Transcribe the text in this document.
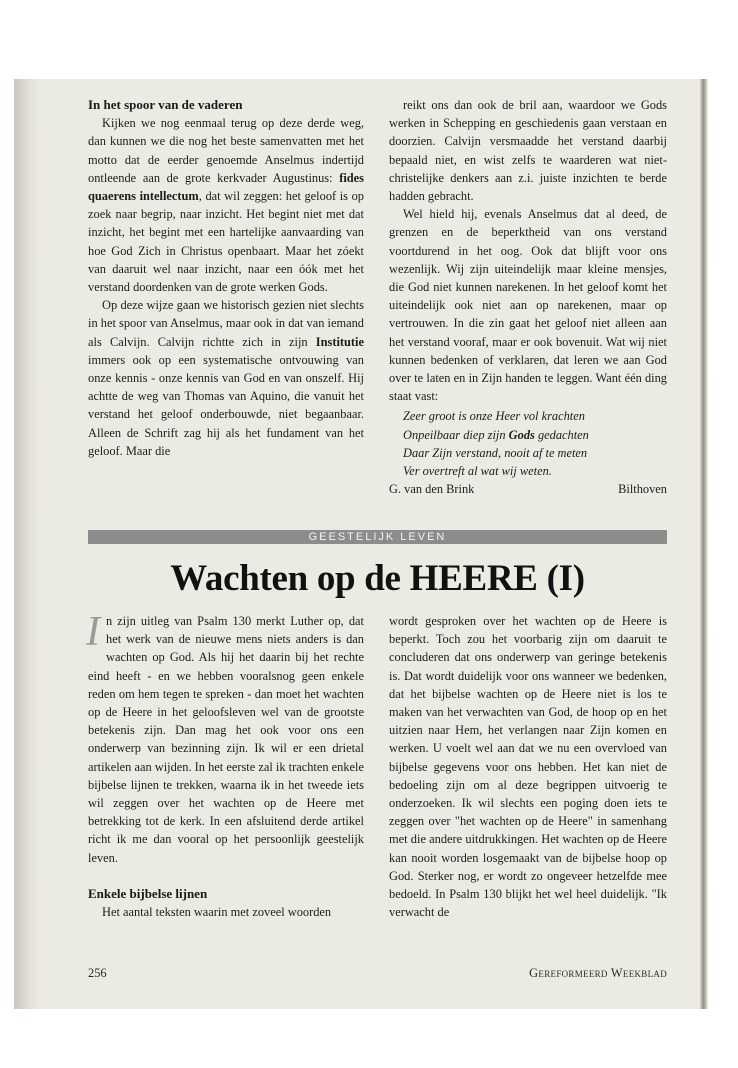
In het spoor van de vaderen

Kijken we nog eenmaal terug op deze derde weg, dan kunnen we die nog het beste samenvatten met het motto dat de eerder genoemde Anselmus indertijd ontleende aan de grote kerkvader Augustinus: fides quaerens intellectum, dat wil zeggen: het geloof is op zoek naar begrip, naar inzicht. Het begint niet met dat inzicht, het begint met een hartelijke aanvaarding van hoe God Zich in Christus openbaart. Maar het zóekt van daaruit wel naar inzicht, naar een óók met het verstand doordenken van de grote werken Gods.

Op deze wijze gaan we historisch gezien niet slechts in het spoor van Anselmus, maar ook in dat van iemand als Calvijn. Calvijn richtte zich in zijn Institutie immers ook op een systematische ontvouwing van onze kennis - onze kennis van God en van onszelf. Hij achtte de weg van Thomas van Aquino, die vanuit het verstand het geloof onderbouwde, niet begaanbaar. Alleen de Schrift zag hij als het fundament van het geloof. Maar die

reikt ons dan ook de bril aan, waardoor we Gods werken in Schepping en geschiedenis gaan verstaan en doorzien. Calvijn versmaadde het verstand daarbij bepaald niet, en wist zelfs te waarderen wat niet-christelijke denkers aan z.i. juiste inzichten te berde hadden gebracht.

Wel hield hij, evenals Anselmus dat al deed, de grenzen en de beperktheid van ons verstand voortdurend in het oog. Ook dat blijft voor ons wezenlijk. Wij zijn uiteindelijk maar kleine mensjes, die God niet kunnen narekenen. In het geloof komt het uiteindelijk ook niet aan op narekenen, maar op vertrouwen. In die zin gaat het geloof niet alleen aan het verstand vooraf, maar er ook bovenuit. Wat wij niet kunnen bedenken of verklaren, dat leren we aan God over te laten en in Zijn handen te leggen. Want één ding staat vast:

Zeer groot is onze Heer vol krachten
Onpeilbaar diep zijn Gods gedachten
Daar Zijn verstand, nooit af te meten
Ver overtreft al wat wij weten.
G. van den Brink	Bilthoven
GEESTELIJK LEVEN
Wachten op de HEERE (I)
I n zijn uitleg van Psalm 130 merkt Luther op, dat het werk van de nieuwe mens niets anders is dan wachten op God. Als hij het daarin bij het rechte eind heeft - en we hebben vooralsnog geen enkele reden om hem tegen te spreken - dan moet het wachten op de Heere in het geloofsleven wel van de grootste betekenis zijn. Dan mag het ook voor ons een onderwerp van bezinning zijn. Ik wil er een drietal artikelen aan wijden. In het eerste zal ik trachten enkele bijbelse lijnen te trekken, waarna ik in het tweede iets wil zeggen over het wachten op de Heere met betrekking tot de kerk. In een afsluitend derde artikel richt ik me dan vooral op het persoonlijk geestelijk leven.

Enkele bijbelse lijnen

Het aantal teksten waarin met zoveel woorden

wordt gesproken over het wachten op de Heere is beperkt. Toch zou het voorbarig zijn om daaruit te concluderen dat ons onderwerp van geringe betekenis is. Dat wordt duidelijk voor ons wanneer we bedenken, dat het bijbelse wachten op de Heere niet is los te maken van het verwachten van God, de hoop op en het uitzien naar Hem, het verlangen naar Zijn komen en werken. U voelt wel aan dat we nu een overvloed van bijbelse gegevens voor ons hebben. Het kan niet de bedoeling zijn om al deze begrippen uitvoerig te onderzoeken. Ik wil slechts een poging doen iets te zeggen over "het wachten op de Heere" in samenhang met die andere uitdrukkingen. Het wachten op de Heere kan nooit worden losgemaakt van de bijbelse hoop op God. Sterker nog, er wordt zo ongeveer hetzelfde mee bedoeld. In Psalm 130 blijkt het wel heel duidelijk. "Ik verwacht de

256	Gereformeerd Weekblad
